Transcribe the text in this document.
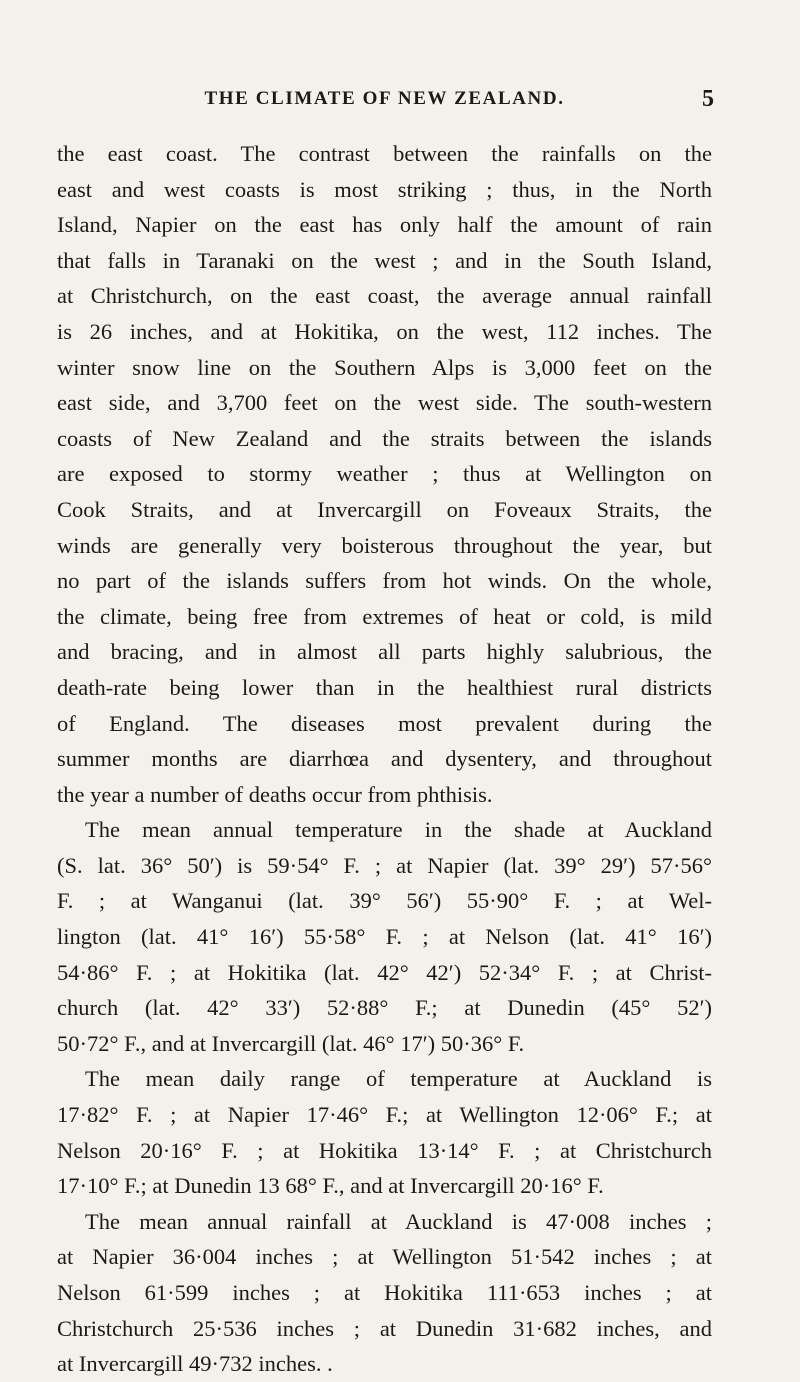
THE CLIMATE OF NEW ZEALAND.	5
the east coast. The contrast between the rainfalls on the
east and west coasts is most striking ; thus, in the North
Island, Napier on the east has only half the amount of rain
that falls in Taranaki on the west ; and in the South Island,
at Christchurch, on the east coast, the average annual rainfall
is 26 inches, and at Hokitika, on the west, 112 inches. The
winter snow line on the Southern Alps is 3,000 feet on the
east side, and 3,700 feet on the west side. The south-western
coasts of New Zealand and the straits between the islands
are exposed to stormy weather ; thus at Wellington on
Cook Straits, and at Invercargill on Foveaux Straits, the
winds are generally very boisterous throughout the year, but
no part of the islands suffers from hot winds. On the whole,
the climate, being free from extremes of heat or cold, is mild
and bracing, and in almost all parts highly salubrious, the
death-rate being lower than in the healthiest rural districts
of England. The diseases most prevalent during the
summer months are diarrhœa and dysentery, and throughout
the year a number of deaths occur from phthisis.
The mean annual temperature in the shade at Auckland
(S. lat. 36° 50′) is 59·54° F. ; at Napier (lat. 39° 29′) 57·56°
F. ; at Wanganui (lat. 39° 56′) 55·90° F. ; at Wel-
lington (lat. 41° 16′) 55·58° F. ; at Nelson (lat. 41° 16′)
54·86° F. ; at Hokitika (lat. 42° 42′) 52·34° F. ; at Christ-
church (lat. 42° 33′) 52·88° F.; at Dunedin (45° 52′)
50·72° F., and at Invercargill (lat. 46° 17′) 50·36° F.
The mean daily range of temperature at Auckland is
17·82° F. ; at Napier 17·46° F.; at Wellington 12·06° F.; at
Nelson 20·16° F. ; at Hokitika 13·14° F. ; at Christchurch
17·10° F.; at Dunedin 13 68° F., and at Invercargill 20·16° F.
The mean annual rainfall at Auckland is 47·008 inches ;
at Napier 36·004 inches ; at Wellington 51·542 inches ; at
Nelson 61·599 inches ; at Hokitika 111·653 inches ; at
Christchurch 25·536 inches ; at Dunedin 31·682 inches, and
at Invercargill 49·732 inches. .
